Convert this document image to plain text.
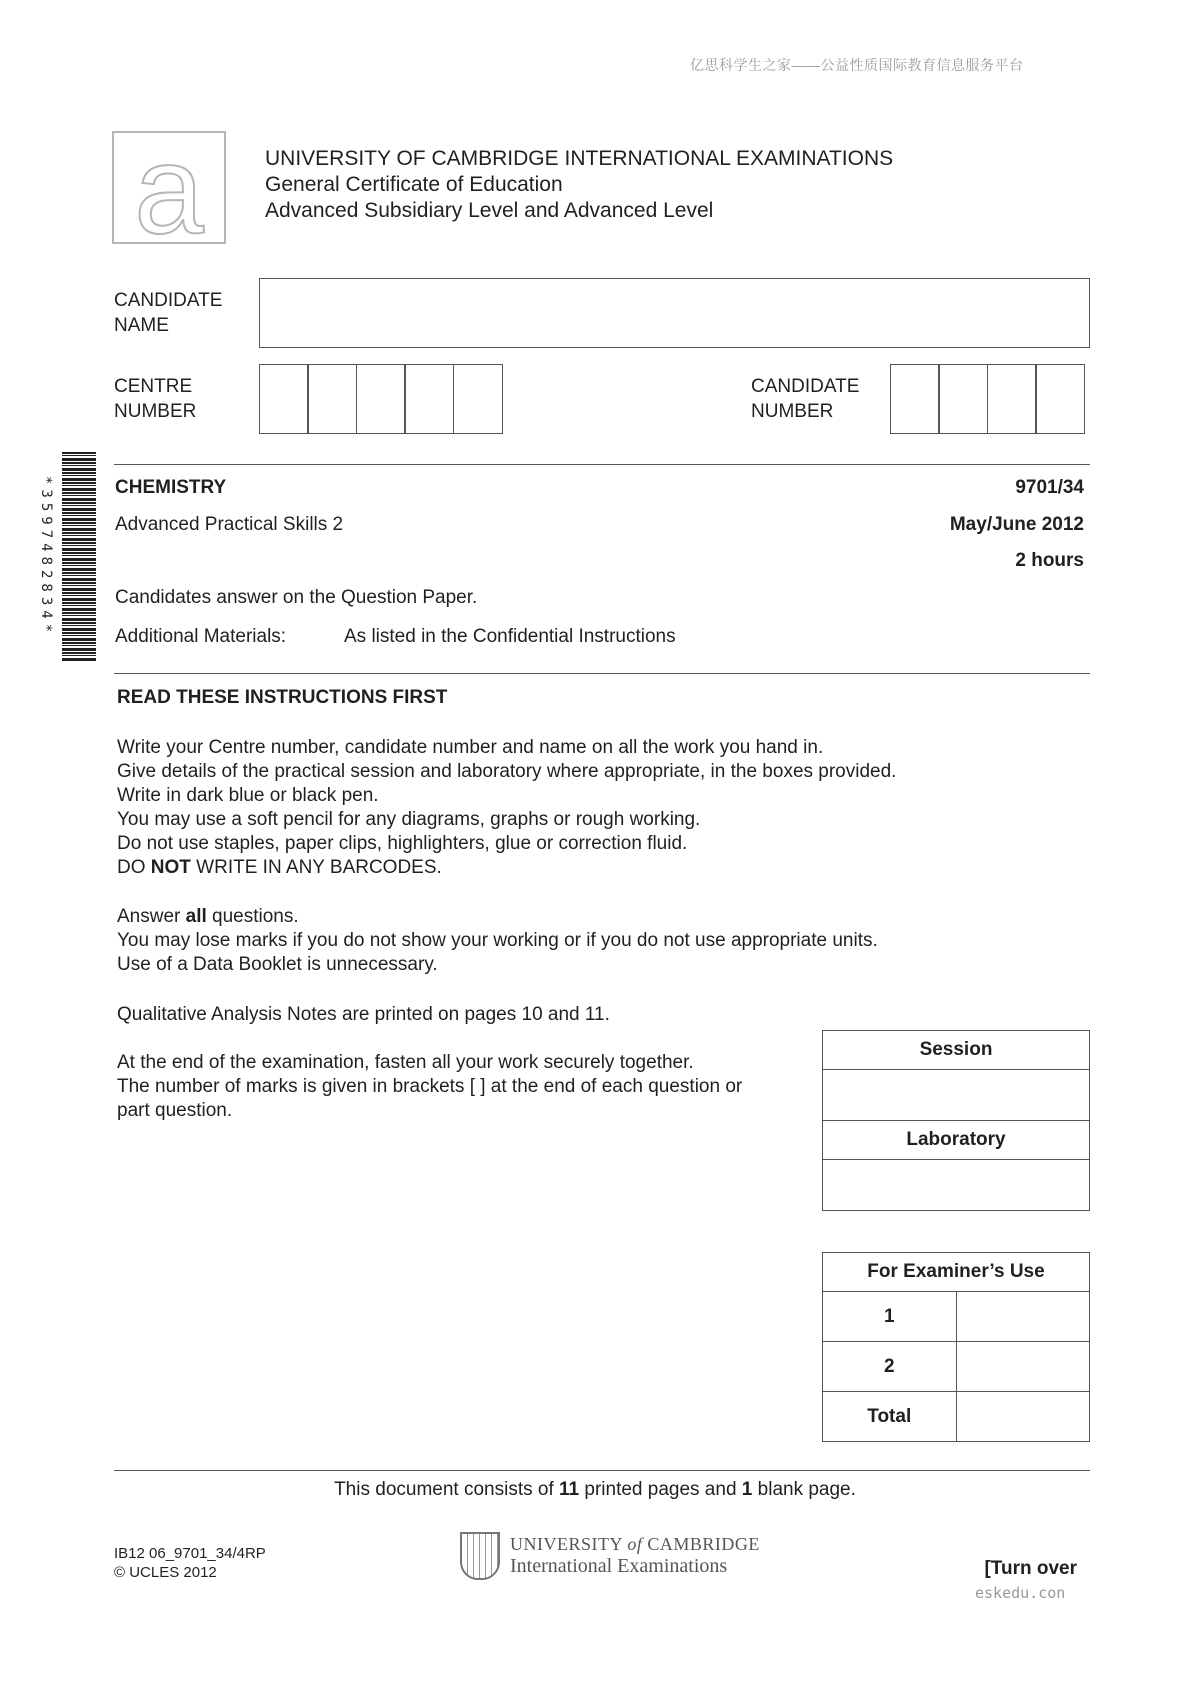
亿思科学生之家——公益性质国际教育信息服务平台
a	UNIVERSITY OF CAMBRIDGE INTERNATIONAL EXAMINATIONS
General Certificate of Education
Advanced Subsidiary Level and Advanced Level
CANDIDATE
NAME
CENTRE
NUMBER
CANDIDATE
NUMBER
*3597482834*	CHEMISTRY	9701/34
Advanced Practical Skills 2	May/June 2012
2 hours
Candidates answer on the Question Paper.
Additional Materials:	As listed in the Confidential Instructions
READ THESE INSTRUCTIONS FIRST
Write your Centre number, candidate number and name on all the work you hand in.
Give details of the practical session and laboratory where appropriate, in the boxes provided.
Write in dark blue or black pen.
You may use a soft pencil for any diagrams, graphs or rough working.
Do not use staples, paper clips, highlighters, glue or correction fluid.
DO NOT WRITE IN ANY BARCODES.
Answer all questions.
You may lose marks if you do not show your working or if you do not use appropriate units.
Use of a Data Booklet is unnecessary.
Qualitative Analysis Notes are printed on pages 10 and 11.
At the end of the examination, fasten all your work securely together.
The number of marks is given in brackets [ ] at the end of each question or
part question.
Session

Laboratory

For Examiner’s Use	
1	
2	
Total	
This document consists of 11 printed pages and 1 blank page.
IB12 06_9701_34/4RP
© UCLES 2012
UNIVERSITY of CAMBRIDGE
International Examinations	[Turn over
eskedu.con
